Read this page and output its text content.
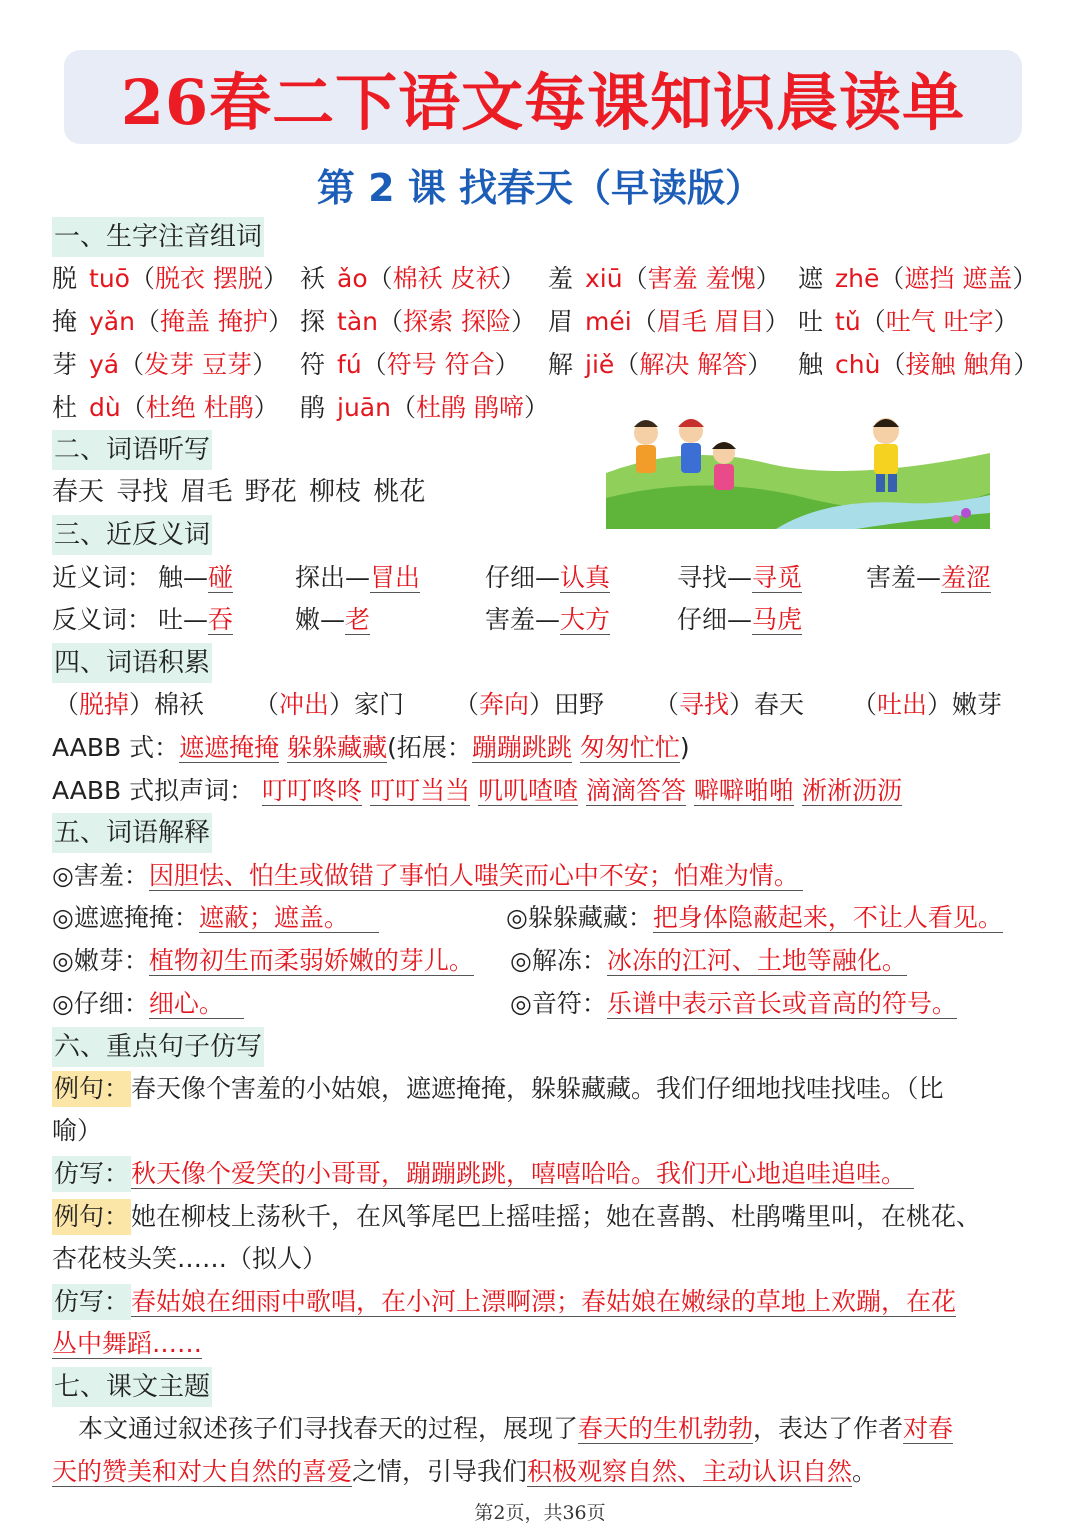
26春二下语文每课知识晨读单
第 2 课 找春天（早读版）
一、生字注音组词
脱 tuō（脱衣 摆脱） 袄 ǎo（棉袄 皮袄） 羞 xiū（害羞 羞愧） 遮 zhē（遮挡 遮盖）
掩 yǎn（掩盖 掩护） 探 tàn（探索 探险） 眉 méi（眉毛 眉目） 吐 tǔ（吐气 吐字）
芽 yá（发芽 豆芽） 符 fú（符号 符合） 解 jiě（解决 解答） 触 chù（接触 触角）
杜 dù（杜绝 杜鹃） 鹃 juān（杜鹃 鹃啼）
二、词语听写
春天 寻找 眉毛 野花 柳枝 桃花
三、近反义词
近义词： 触—碰 探出—冒出	仔细—认真	寻找—寻觅	害羞—羞涩
反义词： 吐—吞 嫩—老	害羞—大方	仔细—马虎
四、词语积累
（脱掉）棉袄 （冲出）家门 （奔向）田野 （寻找）春天 （吐出）嫩芽
AABB 式：遮遮掩掩 躲躲藏藏(拓展：蹦蹦跳跳 匆匆忙忙)
AABB 式拟声词： 叮叮咚咚 叮叮当当 叽叽喳喳 滴滴答答 噼噼啪啪 淅淅沥沥
五、词语解释
◎害羞：因胆怯、怕生或做错了事怕人嗤笑而心中不安；怕难为情。
◎遮遮掩掩：遮蔽；遮盖。	◎躲躲藏藏：把身体隐蔽起来，不让人看见。
◎嫩芽：植物初生而柔弱娇嫩的芽儿。 ◎解冻：冰冻的江河、土地等融化。
◎仔细：细心。	◎音符：乐谱中表示音长或音高的符号。
六、重点句子仿写
例句：春天像个害羞的小姑娘，遮遮掩掩，躲躲藏藏。我们仔细地找哇找哇。（比
喻）
仿写：秋天像个爱笑的小哥哥，蹦蹦跳跳，嘻嘻哈哈。我们开心地追哇追哇。
例句：她在柳枝上荡秋千，在风筝尾巴上摇哇摇；她在喜鹊、杜鹃嘴里叫，在桃花、
杏花枝头笑……（拟人）
仿写：春姑娘在细雨中歌唱，在小河上漂啊漂；春姑娘在嫩绿的草地上欢蹦，在花
丛中舞蹈……
七、课文主题
本文通过叙述孩子们寻找春天的过程，展现了春天的生机勃勃，表达了作者对春
天的赞美和对大自然的喜爱之情，引导我们积极观察自然、主动认识自然。
第2页，共36页
